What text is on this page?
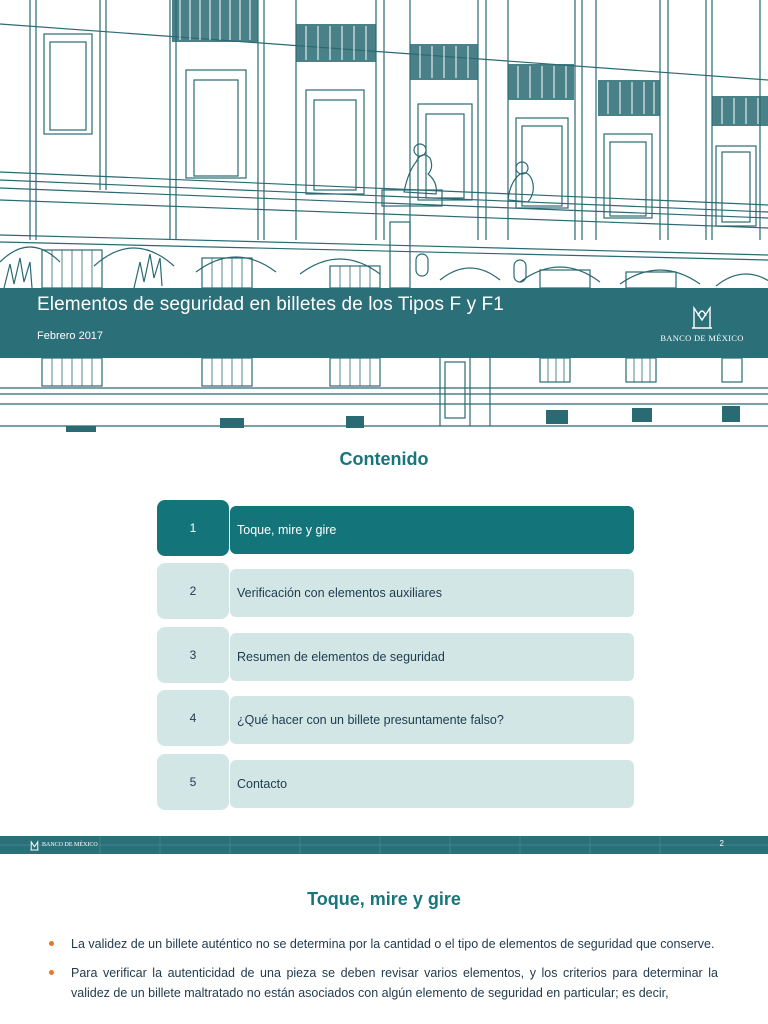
Elementos de seguridad en billetes de los Tipos F y F1
Febrero 2017	BANCO DE MÉXICO
Contenido
1	Toque, mire y gire
2	Verificación con elementos auxiliares
3	Resumen de elementos de seguridad
4	¿Qué hacer con un billete presuntamente falso?
5	Contacto
BANCO DE MÉXICO	2
Toque, mire y gire
La validez de un billete auténtico no se determina por la cantidad o el tipo de elementos de seguridad que conserve.
Para verificar la autenticidad de una pieza se deben revisar varios elementos, y los criterios para determinar la validez de un billete maltratado no están asociados con algún elemento de seguridad en particular; es decir,
